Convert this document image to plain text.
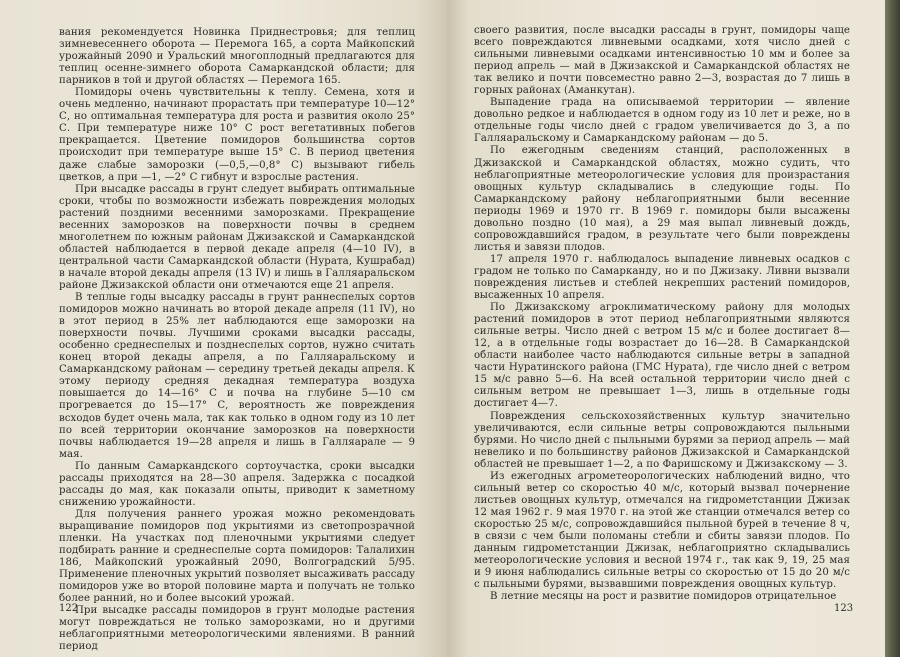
вания рекомендуется Новинка Приднестровья; для теплиц зимневесеннего оборота — Перемога 165, а сорта Майкопский урожайный 2090 и Уральский многоплодный предлагаются для теплиц осенне-зимнего оборота Самаркандской области; для парников в той и другой областях — Перемога 165.

Помидоры очень чувствительны к теплу. Семена, хотя и очень медленно, начинают прорастать при температуре 10—12° С, но оптимальная температура для роста и развития около 25° С. При температуре ниже 10° С рост вегетативных побегов прекращается. Цветение помидоров большинства сортов происходит при температуре выше 15° С. В период цветения даже слабые заморозки (—0,5,—0,8° С) вызывают гибель цветков, а при —1, —2° С гибнут и взрослые растения.

При высадке рассады в грунт следует выбирать оптимальные сроки, чтобы по возможности избежать повреждения молодых растений поздними весенними заморозками. Прекращение весенних заморозков на поверхности почвы в среднем многолетнем по южным районам Джизакской и Самаркандской областей наблюдается в первой декаде апреля (4—10 IV), в центральной части Самаркандской области (Нурата, Кушрабад) в начале второй декады апреля (13 IV) и лишь в Галляаральском районе Джизакской области они отмечаются еще 21 апреля.

В теплые годы высадку рассады в грунт раннеспелых сортов помидоров можно начинать во второй декаде апреля (11 IV), но в этот период в 25% лет наблюдаются еще заморозки на поверхности почвы. Лучшими сроками высадки рассады, особенно среднеспелых и позднеспелых сортов, нужно считать конец второй декады апреля, а по Галляаральскому и Самаркандскому районам — середину третьей декады апреля. К этому периоду средняя декадная температура воздуха повышается до 14—16° С и почва на глубине 5—10 см прогревается до 15—17° С, вероятность же повреждения всходов будет очень мала, так как только в одном году из 10 лет по всей территории окончание заморозков на поверхности почвы наблюдается 19—28 апреля и лишь в Галляарале — 9 мая.

По данным Самаркандского сортоучастка, сроки высадки рассады приходятся на 28—30 апреля. Задержка с посадкой рассады до мая, как показали опыты, приводит к заметному снижению урожайности.

Для получения раннего урожая можно рекомендовать выращивание помидоров под укрытиями из светопрозрачной пленки. На участках под пленочными укрытиями следует подбирать ранние и среднеспелые сорта помидоров: Талалихин 186, Майкопский урожайный 2090, Волгоградский 5/95. Применение пленочных укрытий позволяет высаживать рассаду помидоров уже во второй половине марта и получать не только более ранний, но и более высокий урожай.

При высадке рассады помидоров в грунт молодые растения могут повреждаться не только заморозками, но и другими неблагоприятными метеорологическими явлениями. В ранний период

122

своего развития, после высадки рассады в грунт, помидоры чаще всего повреждаются ливневыми осадками, хотя число дней с сильными ливневыми осадками интенсивностью 10 мм и более за период апрель — май в Джизакской и Самаркандской областях не так велико и почти повсеместно равно 2—3, возрастая до 7 лишь в горных районах (Аманкутан).

Выпадение града на описываемой территории — явление довольно редкое и наблюдается в одном году из 10 лет и реже, но в отдельные годы число дней с градом увеличивается до 3, а по Галляаральскому и Самаркандскому районам — до 5.

По ежегодным сведениям станций, расположенных в Джизакской и Самаркандской областях, можно судить, что неблагоприятные метеорологические условия для произрастания овощных культур складывались в следующие годы. По Самаркандскому району неблагоприятными были весенние периоды 1969 и 1970 гг. В 1969 г. помидоры были высажены довольно поздно (10 мая), а 29 мая выпал ливневый дождь, сопровождавшийся градом, в результате чего были повреждены листья и завязи плодов.

17 апреля 1970 г. наблюдалось выпадение ливневых осадков с градом не только по Самарканду, но и по Джизаку. Ливни вызвали повреждения листьев и стеблей некрепших растений помидоров, высаженных 10 апреля.

По Джизакскому агроклиматическому району для молодых растений помидоров в этот период неблагоприятными являются сильные ветры. Число дней с ветром 15 м/с и более достигает 8—12, а в отдельные годы возрастает до 16—28. В Самаркандской области наиболее часто наблюдаются сильные ветры в западной части Нуратинского района (ГМС Нурата), где число дней с ветром 15 м/с равно 5—6. На всей остальной территории число дней с сильным ветром не превышает 1—3, лишь в отдельные годы достигает 4—7.

Повреждения сельскохозяйственных культур значительно увеличиваются, если сильные ветры сопровождаются пыльными бурями. Но число дней с пыльными бурями за период апрель — май невелико и по большинству районов Джизакской и Самаркандской областей не превышает 1—2, а по Фаришскому и Джизакскому — 3.

Из ежегодных агрометеорологических наблюдений видно, что сильный ветер со скоростью 40 м/с, который вызвал почернение листьев овощных культур, отмечался на гидрометстанции Джизак 12 мая 1962 г. 9 мая 1970 г. на этой же станции отмечался ветер со скоростью 25 м/с, сопровождавшийся пыльной бурей в течение 8 ч, в связи с чем были поломаны стебли и сбиты завязи плодов. По данным гидрометстанции Джизак, неблагоприятно складывались метеорологические условия и весной 1974 г., так как 9, 19, 25 мая и 9 июня наблюдались сильные ветры со скоростью от 15 до 20 м/с с пыльными бурями, вызвавшими повреждения овощных культур.

В летние месяцы на рост и развитие помидоров отрицательное

123
